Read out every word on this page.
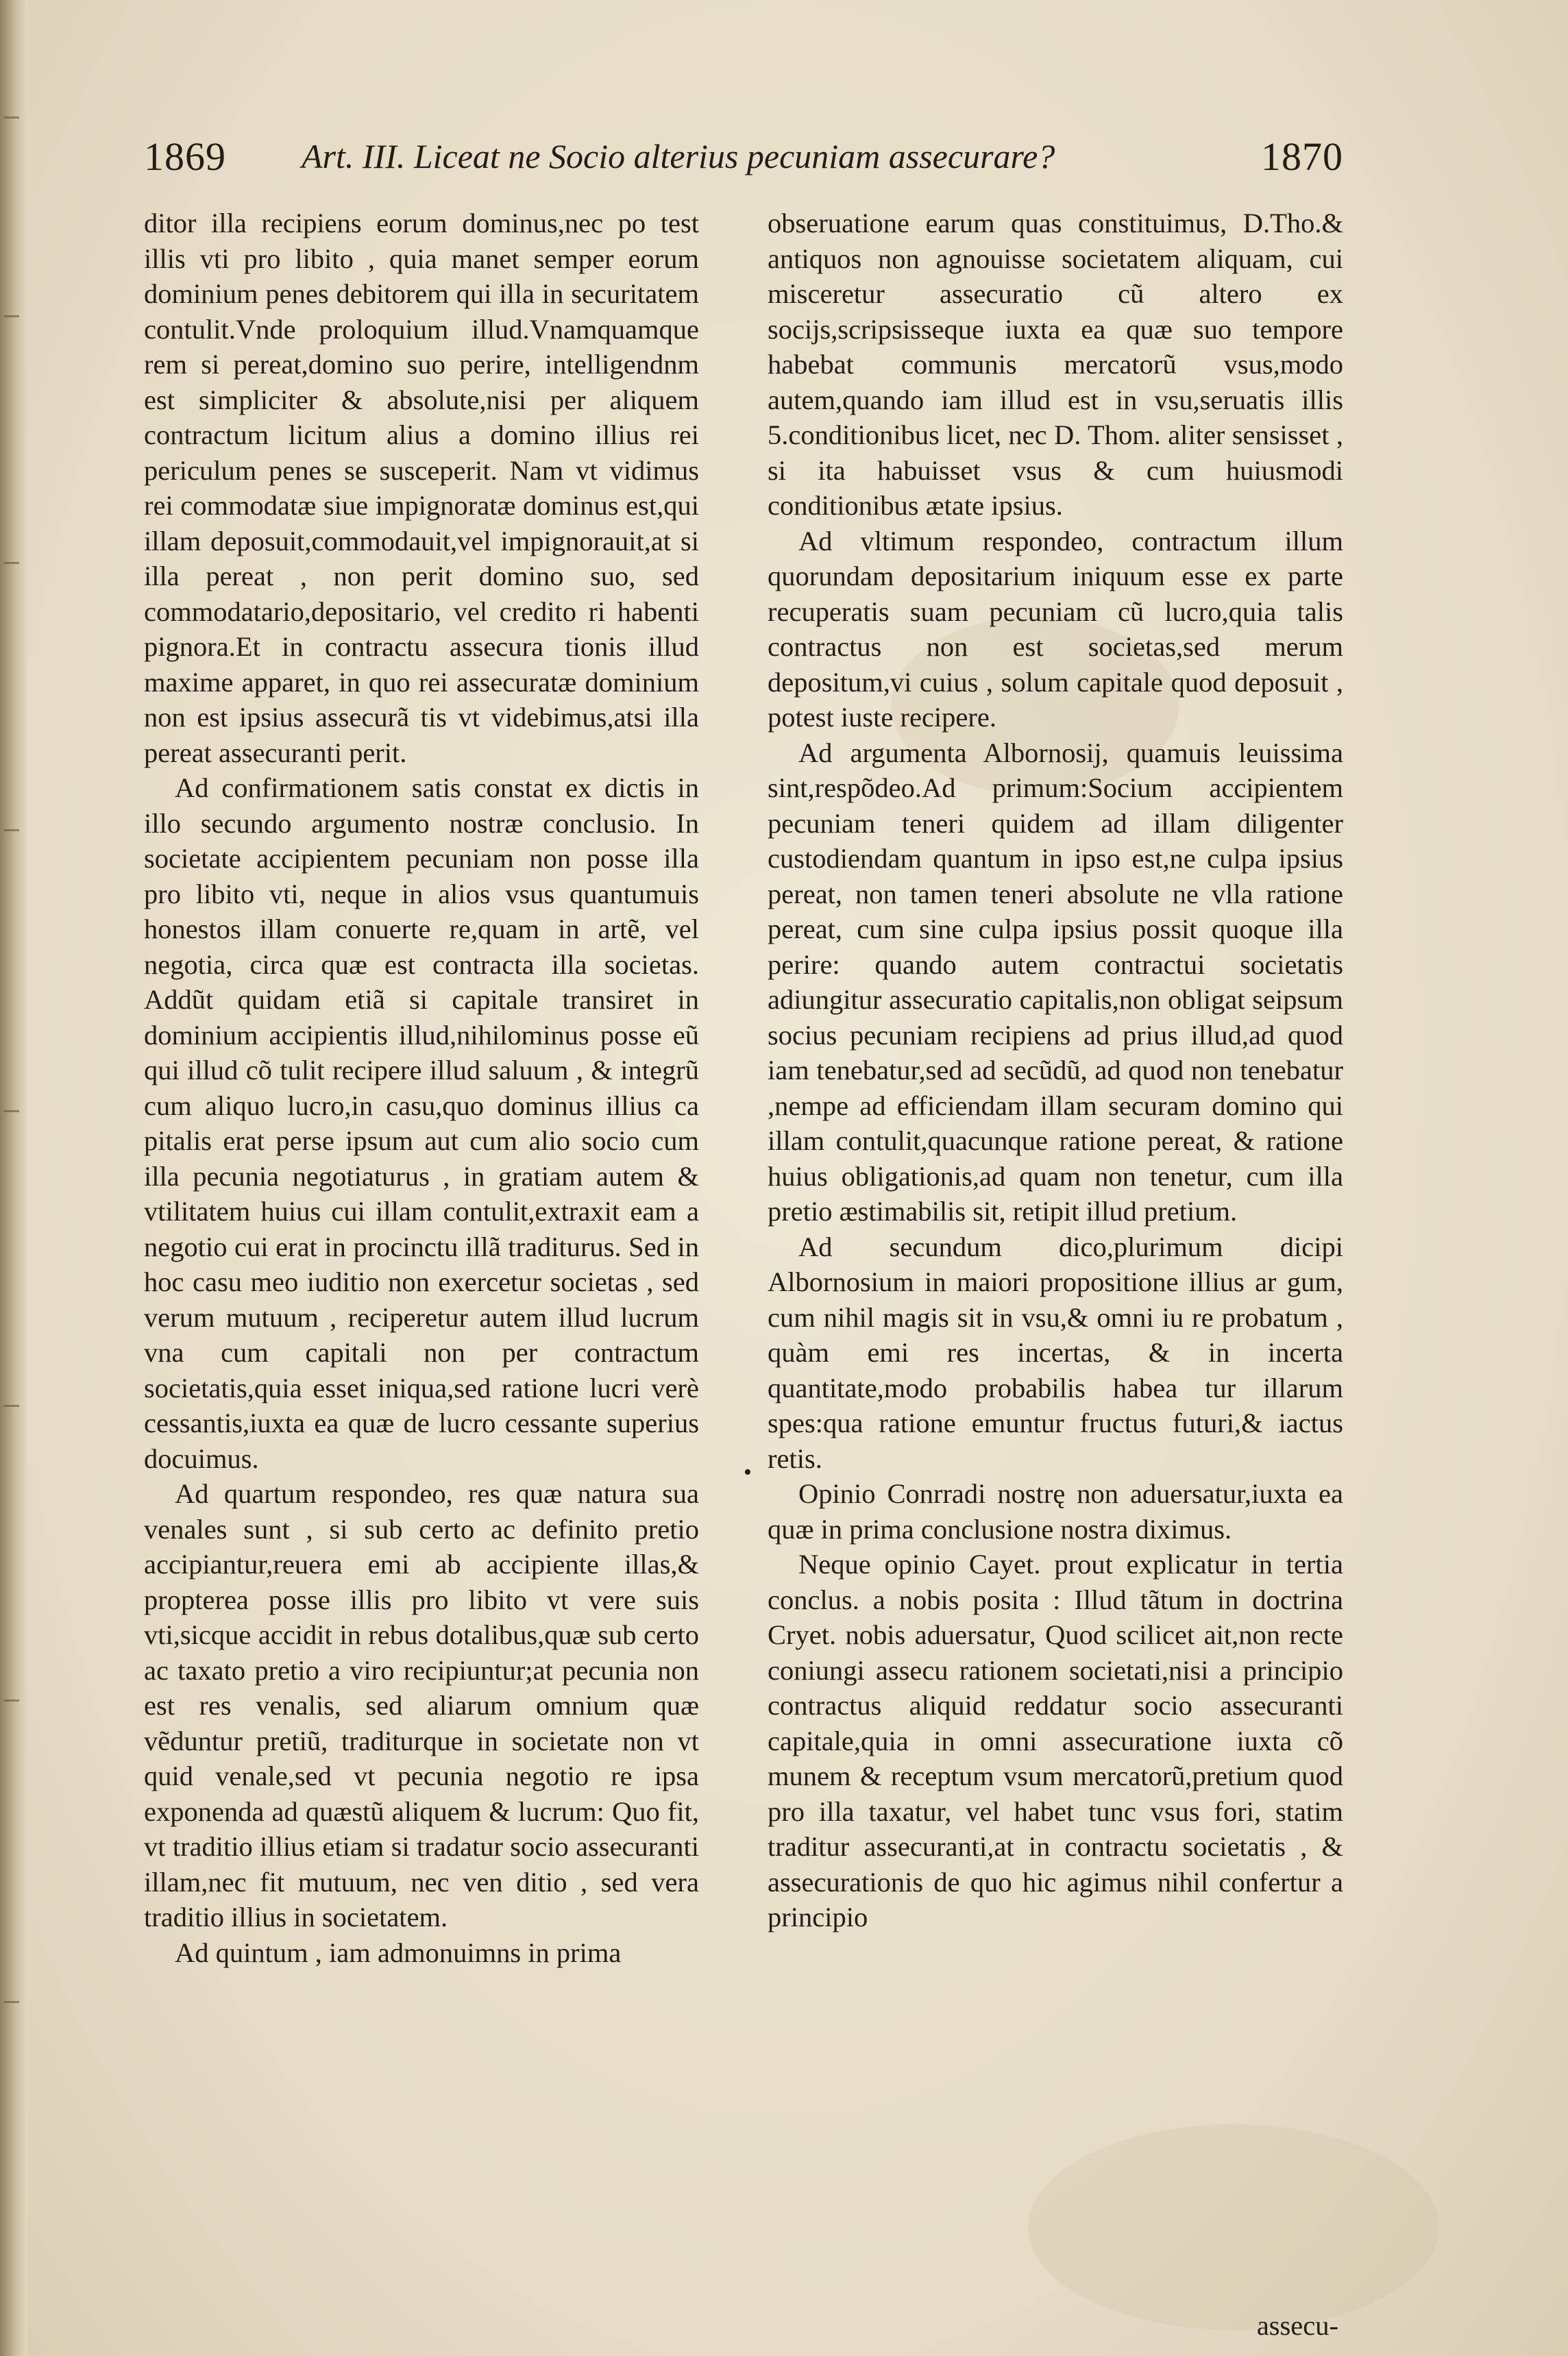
1869 Art. III. Liceat ne Socio alterius pecuniam assecurare?	1870

ditor illa recipiens eorum dominus,nec po test illis vti pro libito , quia manet semper eorum dominium penes debitorem qui illa in securitatem contulit.Vnde proloquium illud.Vnamquamque rem si pereat,domino suo perire, intelligendnm est simpliciter & absolute,nisi per aliquem contractum licitum alius a domino illius rei periculum penes se susceperit. Nam vt vidimus rei commodatæ siue impignoratæ dominus est,qui illam deposuit,commodauit,vel impignorauit,at si illa pereat , non perit domino suo, sed commodatario,depositario, vel credito ri habenti pignora.Et in contractu assecura tionis illud maxime apparet, in quo rei assecuratæ dominium non est ipsius assecurã tis vt videbimus,atsi illa pereat assecuranti perit.

Ad confirmationem satis constat ex dictis in illo secundo argumento nostræ conclusio. In societate accipientem pecuniam non posse illa pro libito vti, neque in alios vsus quantumuis honestos illam conuerte re,quam in artẽ, vel negotia, circa quæ est contracta illa societas. Addũt quidam etiã si capitale transiret in dominium accipientis illud,nihilominus posse eũ qui illud cõ tulit recipere illud saluum , & integrũ cum aliquo lucro,in casu,quo dominus illius ca pitalis erat perse ipsum aut cum alio socio cum illa pecunia negotiaturus , in gratiam autem & vtilitatem huius cui illam contulit,extraxit eam a negotio cui erat in procinctu illã traditurus. Sed in hoc casu meo iuditio non exercetur societas , sed verum mutuum , reciperetur autem illud lucrum vna cum capitali non per contractum societatis,quia esset iniqua,sed ratione lucri verè cessantis,iuxta ea quæ de lucro cessante superius docuimus.

Ad quartum respondeo, res quæ natura sua venales sunt , si sub certo ac definito pretio accipiantur,reuera emi ab accipiente illas,& propterea posse illis pro libito vt vere suis vti,sicque accidit in rebus dotalibus,quæ sub certo ac taxato pretio a viro recipiuntur;at pecunia non est res venalis, sed aliarum omnium quæ vẽduntur pretiũ, traditurque in societate non vt quid venale,sed vt pecunia negotio re ipsa exponenda ad quæstũ aliquem & lucrum: Quo fit, vt traditio illius etiam si tradatur socio assecuranti illam,nec fit mutuum, nec ven ditio , sed vera traditio illius in societatem.

Ad quintum , iam admonuimns in prima

obseruatione earum quas constituimus, D.Tho.& antiquos non agnouisse societatem aliquam, cui misceretur assecuratio cũ altero ex socijs,scripsisseque iuxta ea quæ suo tempore habebat communis mercatorũ vsus,modo autem,quando iam illud est in vsu,seruatis illis 5.conditionibus licet, nec D. Thom. aliter sensisset , si ita habuisset vsus & cum huiusmodi conditionibus ætate ipsius.

Ad vltimum respondeo, contractum illum quorundam depositarium iniquum esse ex parte recuperatis suam pecuniam cũ lucro,quia talis contractus non est societas,sed merum depositum,vi cuius , solum capitale quod deposuit , potest iuste recipere.

Ad argumenta Albornosij, quamuis leuissima sint,respõdeo.Ad primum:Socium accipientem pecuniam teneri quidem ad illam diligenter custodiendam quantum in ipso est,ne culpa ipsius pereat, non tamen teneri absolute ne vlla ratione pereat, cum sine culpa ipsius possit quoque illa perire: quando autem contractui societatis adiungitur assecuratio capitalis,non obligat seipsum socius pecuniam recipiens ad prius illud,ad quod iam tenebatur,sed ad secũdũ, ad quod non tenebatur ,nempe ad efficiendam illam securam domino qui illam contulit,quacunque ratione pereat, & ratione huius obligationis,ad quam non tenetur, cum illa pretio æstimabilis sit, retipit illud pretium.

Ad secundum dico,plurimum dicipi Albornosium in maiori propositione illius ar gum, cum nihil magis sit in vsu,& omni iu re probatum , quàm emi res incertas, & in incerta quantitate,modo probabilis habea tur illarum spes:qua ratione emuntur fructus futuri,& iactus retis.

Opinio Conrradi nostrę non aduersatur,iuxta ea quæ in prima conclusione nostra diximus.

Neque opinio Cayet. prout explicatur in tertia conclus. a nobis posita : Illud tãtum in doctrina Cryet. nobis aduersatur, Quod scilicet ait,non recte coniungi assecu rationem societati,nisi a principio contractus aliquid reddatur socio assecuranti capitale,quia in omni assecuratione iuxta cõ munem & receptum vsum mercatorũ,pretium quod pro illa taxatur, vel habet tunc vsus fori, statim traditur assecuranti,at in contractu societatis , & assecurationis de quo hic agimus nihil confertur a principio

•
assecu-
